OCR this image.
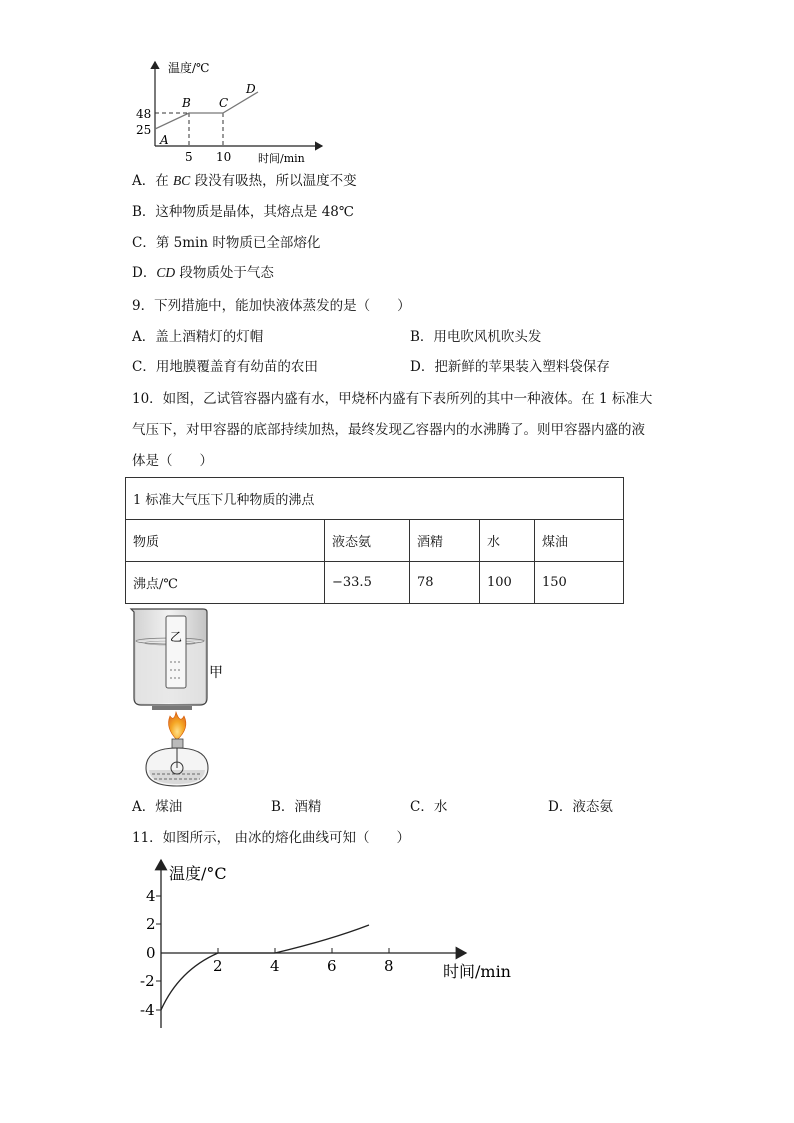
温度/℃
时间/min
48
25
5 10
A
B C
D
A．在 BC 段没有吸热，所以温度不变
B．这种物质是晶体，其熔点是 48℃
C．第 5min 时物质已全部熔化
D．CD 段物质处于气态
9．下列措施中，能加快液体蒸发的是（　　）
A．盖上酒精灯的灯帽	B．用电吹风机吹头发
C．用地膜覆盖育有幼苗的农田	D．把新鲜的苹果装入塑料袋保存
10．如图，乙试管容器内盛有水，甲烧杯内盛有下表所列的其中一种液体。在 1 标准大
气压下，对甲容器的底部持续加热，最终发现乙容器内的水沸腾了。则甲容器内盛的液
体是（　　）
1 标准大气压下几种物质的沸点				
物质	液态氨	酒精	水	煤油
沸点/℃	−33.5	78	100	150
乙
甲
A．煤油	B．酒精	C．水	D．液态氨
11．如图所示， 由冰的熔化曲线可知（　　）
温度/°C
时间/min
4
2
0
-2
-4
2	4	6	8
